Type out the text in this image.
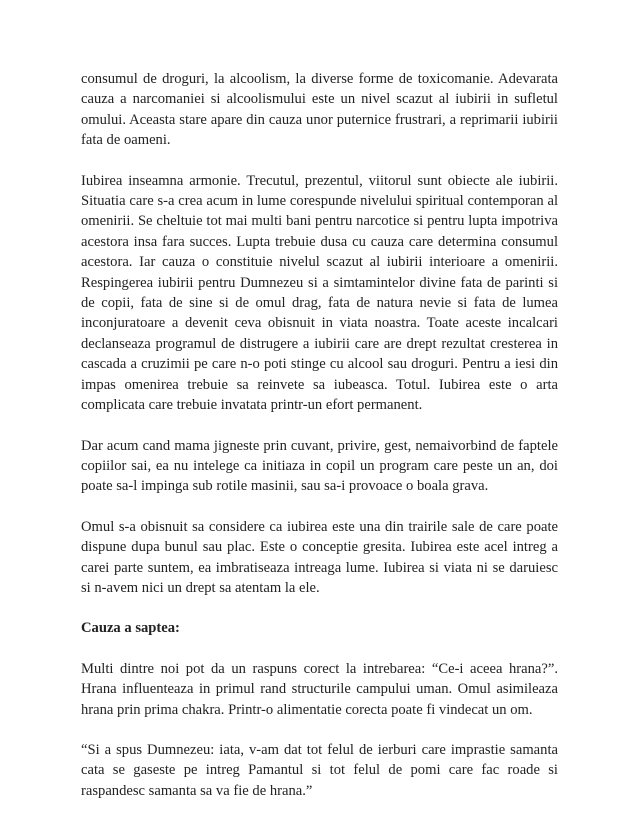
consumul de droguri, la alcoolism, la diverse forme de toxicomanie. Adevarata cauza a narcomaniei si alcoolismului este un nivel scazut al iubirii in sufletul omului. Aceasta stare apare din cauza unor puternice frustrari, a reprimarii iubirii fata de oameni.

Iubirea inseamna armonie. Trecutul, prezentul, viitorul sunt obiecte ale iubirii. Situatia care s-a crea acum in lume corespunde nivelului spiritual contemporan al omenirii. Se cheltuie tot mai multi bani pentru narcotice si pentru lupta impotriva acestora insa fara succes. Lupta trebuie dusa cu cauza care determina consumul acestora. Iar cauza o constituie nivelul scazut al iubirii interioare a omenirii. Respingerea iubirii pentru Dumnezeu si a simtamintelor divine fata de parinti si de copii, fata de sine si de omul drag, fata de natura nevie si fata de lumea inconjuratoare a devenit ceva obisnuit in viata noastra. Toate aceste incalcari declanseaza programul de distrugere a iubirii care are drept rezultat cresterea in cascada a cruzimii pe care n-o poti stinge cu alcool sau droguri. Pentru a iesi din impas omenirea trebuie sa reinvete sa iubeasca. Totul. Iubirea este o arta complicata care trebuie invatata printr-un efort permanent.

Dar acum cand mama jigneste prin cuvant, privire, gest, nemaivorbind de faptele copiilor sai, ea nu intelege ca initiaza in copil un program care peste un an, doi poate sa-l impinga sub rotile masinii, sau sa-i provoace o boala grava.

Omul s-a obisnuit sa considere ca iubirea este una din trairile sale de care poate dispune dupa bunul sau plac. Este o conceptie gresita. Iubirea este acel intreg a carei parte suntem, ea imbratiseaza intreaga lume. Iubirea si viata ni se daruiesc si n-avem nici un drept sa atentam la ele.

Cauza a saptea:

Multi dintre noi pot da un raspuns corect la intrebarea: “Ce-i aceea hrana?”. Hrana influenteaza in primul rand structurile campului uman. Omul asimileaza hrana prin prima chakra. Printr-o alimentatie corecta poate fi vindecat un om.

“Si a spus Dumnezeu: iata, v-am dat tot felul de ierburi care imprastie samanta cata se gaseste pe intreg Pamantul si tot felul de pomi care fac roade si raspandesc samanta sa va fie de hrana.”
